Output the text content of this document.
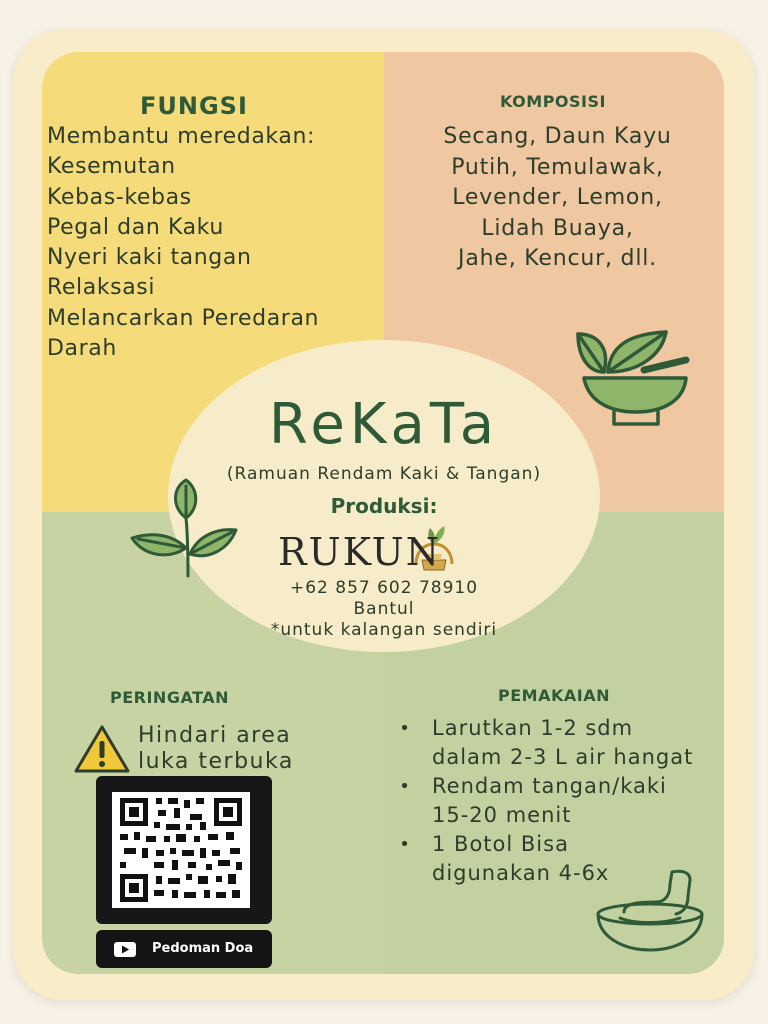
FUNGSI
Membantu meredakan:
Kesemutan
Kebas-kebas
Pegal dan Kaku
Nyeri kaki tangan
Relaksasi
Melancarkan Peredaran
Darah
KOMPOSISI
Secang, Daun Kayu
Putih, Temulawak,
Levender, Lemon,
Lidah Buaya,
Jahe, Kencur, dll.
ReKaTa
(Ramuan Rendam Kaki & Tangan)
Produksi:
RUKUN
+62 857 602 78910
Bantul
*untuk kalangan sendiri
PERINGATAN
Hindari area
luka terbuka
Pedoman Doa
PEMAKAIAN
• Larutkan 1-2 sdm
dalam 2-3 L air hangat
• Rendam tangan/kaki
15-20 menit
• 1 Botol Bisa
digunakan 4-6x
